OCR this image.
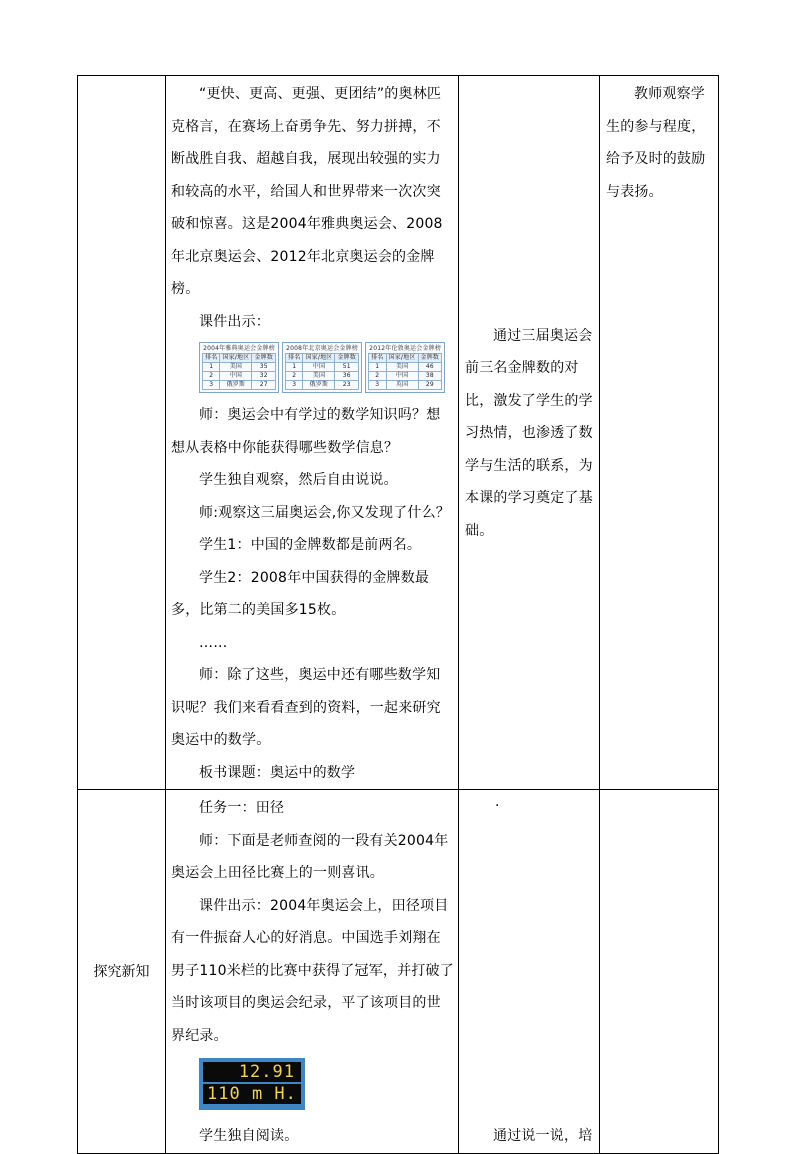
“更快、更高、更强、更团结”的奥林匹克格言，在赛场上奋勇争先、努力拼搏，不断战胜自我、超越自我，展现出较强的实力和较高的水平，给国人和世界带来一次次突破和惊喜。这是2004年雅典奥运会、2008年北京奥运会、2012年北京奥运会的金牌榜。

课件出示：

2004年雅典奥运会金牌榜
排名	国家/地区	金牌数
1	美国	35
2	中国	32
3	俄罗斯	27
2008年北京奥运会金牌榜
排名	国家/地区	金牌数
1	中国	51
2	美国	36
3	俄罗斯	23
2012年伦敦奥运会金牌榜
排名	国家/地区	金牌数
1	美国	46
2	中国	38
3	英国	29

师：奥运会中有学过的数学知识吗？想想从表格中你能获得哪些数学信息？

学生独自观察，然后自由说说。

师:观察这三届奥运会,你又发现了什么？

学生1：中国的金牌数都是前两名。

学生2：2008年中国获得的金牌数最多，比第二的美国多15枚。

……

师：除了这些，奥运中还有哪些数学知识呢？我们来看看查到的资料，一起来研究奥运中的数学。

板书课题：奥运中的数学

通过三届奥运会前三名金牌数的对比，激发了学生的学习热情，也渗透了数学与生活的联系，为本课的学习奠定了基础。

教师观察学生的参与程度，给予及时的鼓励与表扬。

探究新知	

任务一：田径

师：下面是老师查阅的一段有关2004年奥运会上田径比赛上的一则喜讯。

课件出示：2004年奥运会上，田径项目有一件振奋人心的好消息。中国选手刘翔在男子110米栏的比赛中获得了冠军，并打破了当时该项目的奥运会纪录，平了该项目的世界纪录。

12.91
110 m H.

学生独自阅读。

.

通过说一说，培
